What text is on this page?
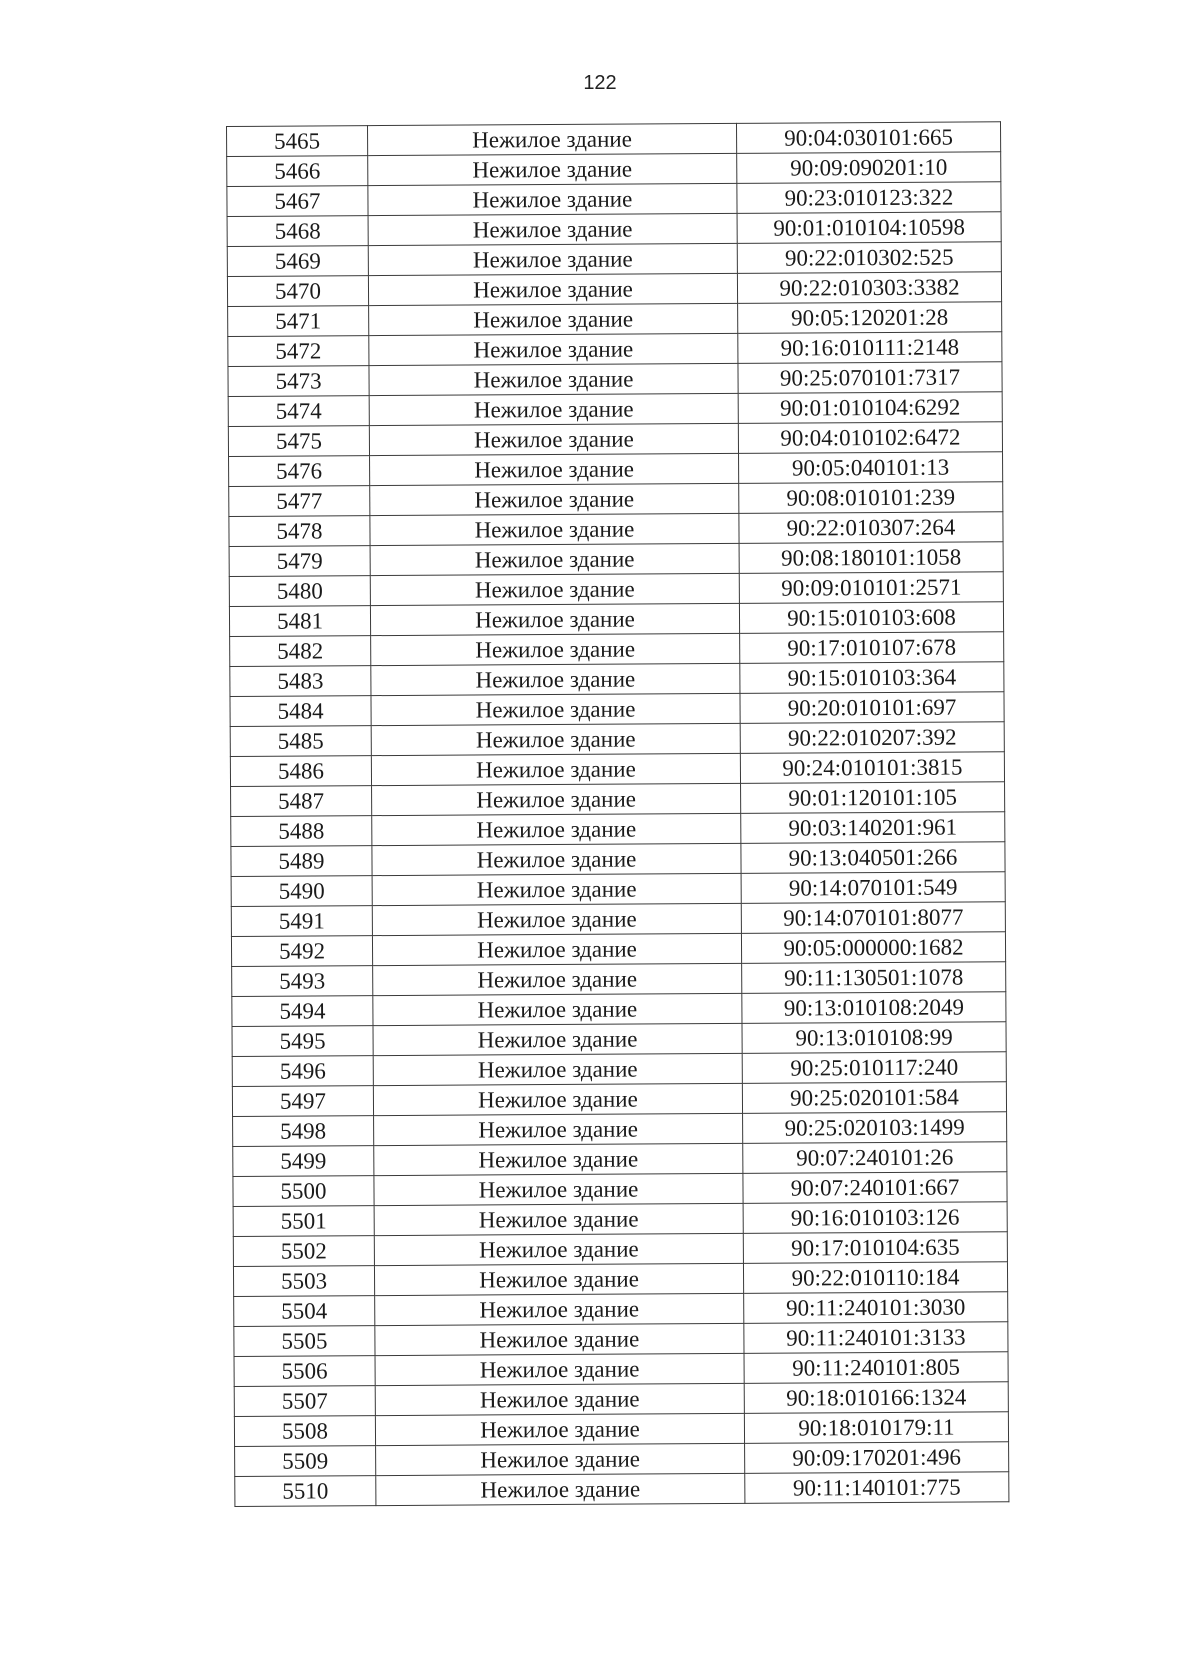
122
5465	Нежилое здание	90:04:030101:665
5466	Нежилое здание	90:09:090201:10
5467	Нежилое здание	90:23:010123:322
5468	Нежилое здание	90:01:010104:10598
5469	Нежилое здание	90:22:010302:525
5470	Нежилое здание	90:22:010303:3382
5471	Нежилое здание	90:05:120201:28
5472	Нежилое здание	90:16:010111:2148
5473	Нежилое здание	90:25:070101:7317
5474	Нежилое здание	90:01:010104:6292
5475	Нежилое здание	90:04:010102:6472
5476	Нежилое здание	90:05:040101:13
5477	Нежилое здание	90:08:010101:239
5478	Нежилое здание	90:22:010307:264
5479	Нежилое здание	90:08:180101:1058
5480	Нежилое здание	90:09:010101:2571
5481	Нежилое здание	90:15:010103:608
5482	Нежилое здание	90:17:010107:678
5483	Нежилое здание	90:15:010103:364
5484	Нежилое здание	90:20:010101:697
5485	Нежилое здание	90:22:010207:392
5486	Нежилое здание	90:24:010101:3815
5487	Нежилое здание	90:01:120101:105
5488	Нежилое здание	90:03:140201:961
5489	Нежилое здание	90:13:040501:266
5490	Нежилое здание	90:14:070101:549
5491	Нежилое здание	90:14:070101:8077
5492	Нежилое здание	90:05:000000:1682
5493	Нежилое здание	90:11:130501:1078
5494	Нежилое здание	90:13:010108:2049
5495	Нежилое здание	90:13:010108:99
5496	Нежилое здание	90:25:010117:240
5497	Нежилое здание	90:25:020101:584
5498	Нежилое здание	90:25:020103:1499
5499	Нежилое здание	90:07:240101:26
5500	Нежилое здание	90:07:240101:667
5501	Нежилое здание	90:16:010103:126
5502	Нежилое здание	90:17:010104:635
5503	Нежилое здание	90:22:010110:184
5504	Нежилое здание	90:11:240101:3030
5505	Нежилое здание	90:11:240101:3133
5506	Нежилое здание	90:11:240101:805
5507	Нежилое здание	90:18:010166:1324
5508	Нежилое здание	90:18:010179:11
5509	Нежилое здание	90:09:170201:496
5510	Нежилое здание	90:11:140101:775
